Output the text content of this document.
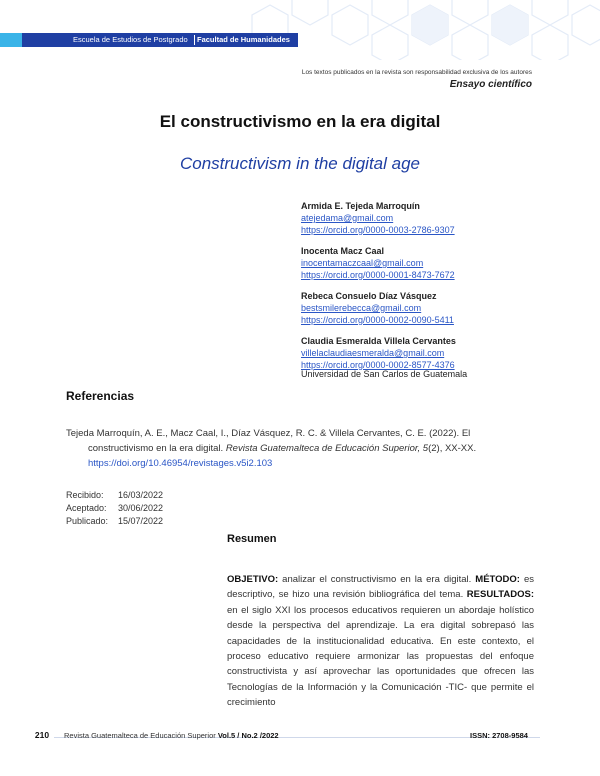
Escuela de Estudios de Postgrado Facultad de Humanidades
Los textos publicados en la revista son responsabilidad exclusiva de los autores
Ensayo científico
El constructivismo en la era digital
Constructivism in the digital age
Armida E. Tejeda Marroquín
atejedama@gmail.com
https://orcid.org/0000-0003-2786-9307
Inocenta Macz Caal
inocentamaczcaal@gmail.com
https://orcid.org/0000-0001-8473-7672
Rebeca Consuelo Díaz Vásquez
bestsmilerebecca@gmail.com
https://orcid.org/0000-0002-0090-5411
Claudia Esmeralda Villela Cervantes
villelaclaudiaesmeralda@gmail.com
https://orcid.org/0000-0002-8577-4376
Universidad de San Carlos de Guatemala
Referencias
Tejeda Marroquín, A. E., Macz Caal, I., Díaz Vásquez, R. C. & Villela Cervantes, C. E. (2022). El constructivismo en la era digital. Revista Guatemalteca de Educación Superior, 5(2), XX-XX. https://doi.org/10.46954/revistages.v5i2.103
Recibido: 16/03/2022
Aceptado: 30/06/2022
Publicado: 15/07/2022
Resumen
OBJETIVO: analizar el constructivismo en la era digital. MÉTODO: es descriptivo, se hizo una revisión bibliográfica del tema. RESULTADOS: en el siglo XXI los procesos educativos requieren un abordaje holístico desde la perspectiva del aprendizaje. La era digital sobrepasó las capacidades de la institucionalidad educativa. En este contexto, el proceso educativo requiere armonizar las propuestas del enfoque constructivista y así aprovechar las oportunidades que ofrecen las Tecnologías de la Información y la Comunicación -TIC- que permite el crecimiento
210	Revista Guatemalteca de Educación Superior Vol.5 / No.2 /2022	ISSN: 2708-9584
